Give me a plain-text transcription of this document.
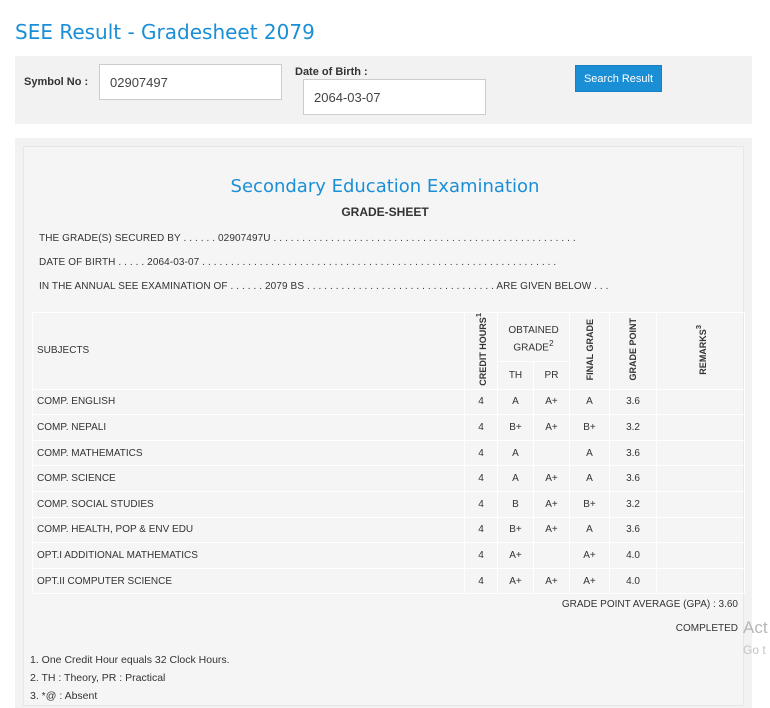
SEE Result - Gradesheet 2079
Symbol No :
02907497
Date of Birth :
2064-03-07
Search Result
Secondary Education Examination
GRADE-SHEET
THE GRADE(S) SECURED BY . . . . . . 02907497U . . . . . . . . . . . . . . . . . . . . . . . . . . . . . . . . . . . . . . . . . . . . . . . . . . . . .
DATE OF BIRTH . . . . . 2064-03-07 . . . . . . . . . . . . . . . . . . . . . . . . . . . . . . . . . . . . . . . . . . . . . . . . . . . . . . . . . . . . . .
IN THE ANNUAL SEE EXAMINATION OF . . . . . . 2079 BS . . . . . . . . . . . . . . . . . . . . . . . . . . . . . . . . . ARE GIVEN BELOW . . .
SUBJECTS	CREDIT HOURS$^1$	OBTAINED GRADE$^2$		FINAL GRADE	GRADE POINT	REMARKS$^3$
		TH	PR			
COMP. ENGLISH	4	A	A+	A	3.6	
COMP. NEPALI	4	B+	A+	B+	3.2	
COMP. MATHEMATICS	4	A		A	3.6	
COMP. SCIENCE	4	A	A+	A	3.6	
COMP. SOCIAL STUDIES	4	B	A+	B+	3.2	
COMP. HEALTH, POP & ENV EDU	4	B+	A+	A	3.6	
OPT.I ADDITIONAL MATHEMATICS	4	A+		A+	4.0	
OPT.II COMPUTER SCIENCE	4	A+	A+	A+	4.0	
GRADE POINT AVERAGE (GPA) : 3.60
COMPLETED
1. One Credit Hour equals 32 Clock Hours.
2. TH : Theory, PR : Practical
3. *@ : Absent
Act
Go t
